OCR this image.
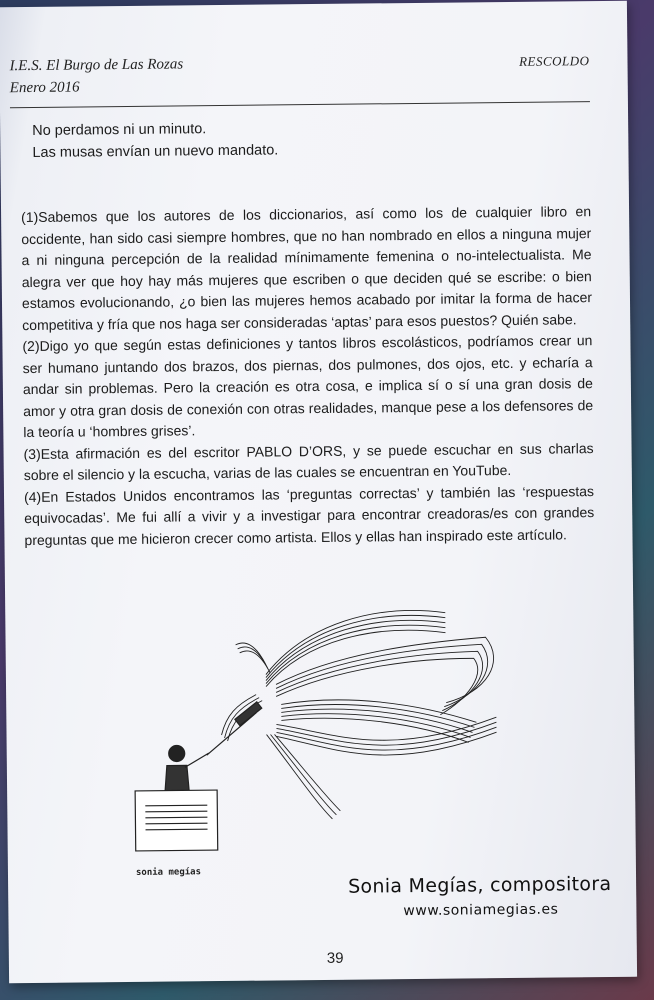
I.E.S. El Burgo de Las Rozas
Enero 2016
RESCOLDO
No perdamos ni un minuto.
Las musas envían un nuevo mandato.

(1)Sabemos que los autores de los diccionarios, así como los de cualquier libro en occidente, han sido casi siempre hombres, que no han nombrado en ellos a ninguna mujer a ni ninguna percepción de la realidad mínimamente femenina o no-intelectualista. Me alegra ver que hoy hay más mujeres que escriben o que deciden qué se escribe: o bien estamos evolucionando, ¿o bien las mujeres hemos acabado por imitar la forma de hacer competitiva y fría que nos haga ser consideradas ‘aptas’ para esos puestos? Quién sabe.

(2)Digo yo que según estas definiciones y tantos libros escolásticos, podríamos crear un ser humano juntando dos brazos, dos piernas, dos pulmones, dos ojos, etc. y echaría a andar sin problemas. Pero la creación es otra cosa, e implica sí o sí una gran dosis de amor y otra gran dosis de conexión con otras realidades, manque pese a los defensores de la teoría u ‘hombres grises’.

(3)Esta afirmación es del escritor PABLO D’ORS, y se puede escuchar en sus charlas sobre el silencio y la escucha, varias de las cuales se encuentran en YouTube.

(4)En Estados Unidos encontramos las ‘preguntas correctas’ y también las ‘respuestas equivocadas’. Me fui allí a vivir y a investigar para encontrar creadoras/es con grandes preguntas que me hicieron crecer como artista. Ellos y ellas han inspirado este artículo.

sonia megías
Sonia Megías, compositora
www.soniamegias.es
39
